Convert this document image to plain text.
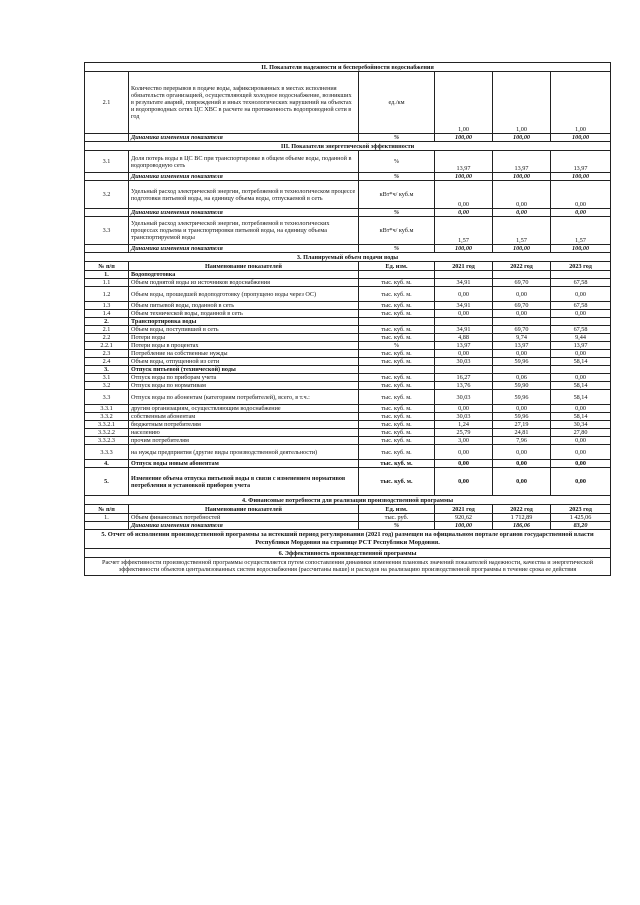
II. Показатели надежности и бесперебойности водоснабжения					
2.1	Количество перерывов в подаче воды, зафиксированных в местах исполнения обязательств организацией, осуществляющей холодное водоснабжение, возникших в результате аварий, повреждений и иных технологических нарушений на объектах и водопроводных сетях ЦС ХВС в расчете на протяженность водопроводной сети в год	ед./км	1,00	1,00	1,00
	Динамика изменения показателя	%	100,00	100,00	100,00
III. Показатели энергетической эффективности					
3.1	Доля потерь воды в ЦС ВС при транспортировке в общем объеме воды, поданной в водопроводную сеть	%	13,97	13,97	13,97
	Динамика изменения показателя	%	100,00	100,00	100,00
3.2	Удельный расход электрической энергии, потребляемой в технологическом процессе подготовки питьевой воды, на единицу объема воды, отпускаемой в сеть	кВт*ч/ куб.м	0,00	0,00	0,00
	Динамика изменения показателя	%	0,00	0,00	0,00
3.3	Удельный расход электрической энергии, потребляемой в технологических процессах подъема и транспортировки питьевой воды, на единицу объема транспортируемой воды	кВт*ч/ куб.м	1,57	1,57	1,57
	Динамика изменения показателя	%	100,00	100,00	100,00
3. Планируемый объем подачи воды					
№ п/п	Наименование показателей	Ед. изм.	2021 год	2022 год	2023 год
1.	Водоподготовка				
1.1	Объем поднятой воды из источников водоснабжения	тыс. куб. м.	34,91	69,70	67,58
1.2	Объем воды, прошедшей водоподготовку (пропущено воды через ОС)	тыс. куб. м.	0,00	0,00	0,00
1.3	Объем питьевой воды, поданной в сеть	тыс. куб. м.	34,91	69,70	67,58
1.4	Объем технической воды, поданной в сеть	тыс. куб. м.	0,00	0,00	0,00
2.	Транспортировка воды				
2.1	Объем воды, поступившей в сеть	тыс. куб. м.	34,91	69,70	67,58
2.2	Потери воды	тыс. куб. м.	4,88	9,74	9,44
2.2.1	Потери воды в процентах	%	13,97	13,97	13,97
2.3	Потребление на собственные нужды	тыс. куб. м.	0,00	0,00	0,00
2.4	Объем воды, отпущенной из сети	тыс. куб. м.	30,03	59,96	58,14
3.	Отпуск питьевой (технической) воды				
3.1	Отпуск воды по приборам учета	тыс. куб. м.	16,27	0,06	0,00
3.2	Отпуск воды по нормативам	тыс. куб. м.	13,76	59,90	58,14
3.3	Отпуск воды по абонентам (категориям потребителей), всего, в т.ч.:	тыс. куб. м.	30,03	59,96	58,14
3.3.1	другим организациям, осуществляющим водоснабжение	тыс. куб. м.	0,00	0,00	0,00
3.3.2	собственным абонентам	тыс. куб. м.	30,03	59,96	58,14
3.3.2.1	бюджетным потребителям	тыс. куб. м.	1,24	27,19	30,34
3.3.2.2	населению	тыс. куб. м.	25,79	24,81	27,80
3.3.2.3	прочим потребителям	тыс. куб. м.	3,00	7,96	0,00
3.3.3	на нужды предприятия (другие виды производственной деятельности)	тыс. куб. м.	0,00	0,00	0,00
4.	Отпуск воды новым абонентам	тыс. куб. м.	0,00	0,00	0,00
5.	Изменение объема отпуска питьевой воды в связи с изменением нормативов потребления и установкой приборов учета	тыс. куб. м.	0,00	0,00	0,00
4. Финансовые потребности для реализации производственной программы					
№ п/п	Наименование показателей	Ед. изм.	2021 год	2022 год	2023 год
1.	Объем финансовых потребностей	тыс. руб.	920,62	1 712,89	1 425,06
	Динамика изменения показателя	%	100,00	186,06	83,20
5. Отчет об исполнении производственной программы за истекший период регулирования (2021 год) размещен на официальном портале органов государственной власти Республики Мордовия на странице РСТ Республики Мордовия.					
6. Эффективность производственной программы					
Расчет эффективности производственной программы осуществляется путем сопоставления динамики изменения плановых значений показателей надежности, качества и энергетической эффективности объектов централизованных систем водоснабжения (рассчитаны выше) и расходов на реализацию производственной программы в течение срока ее действия					
